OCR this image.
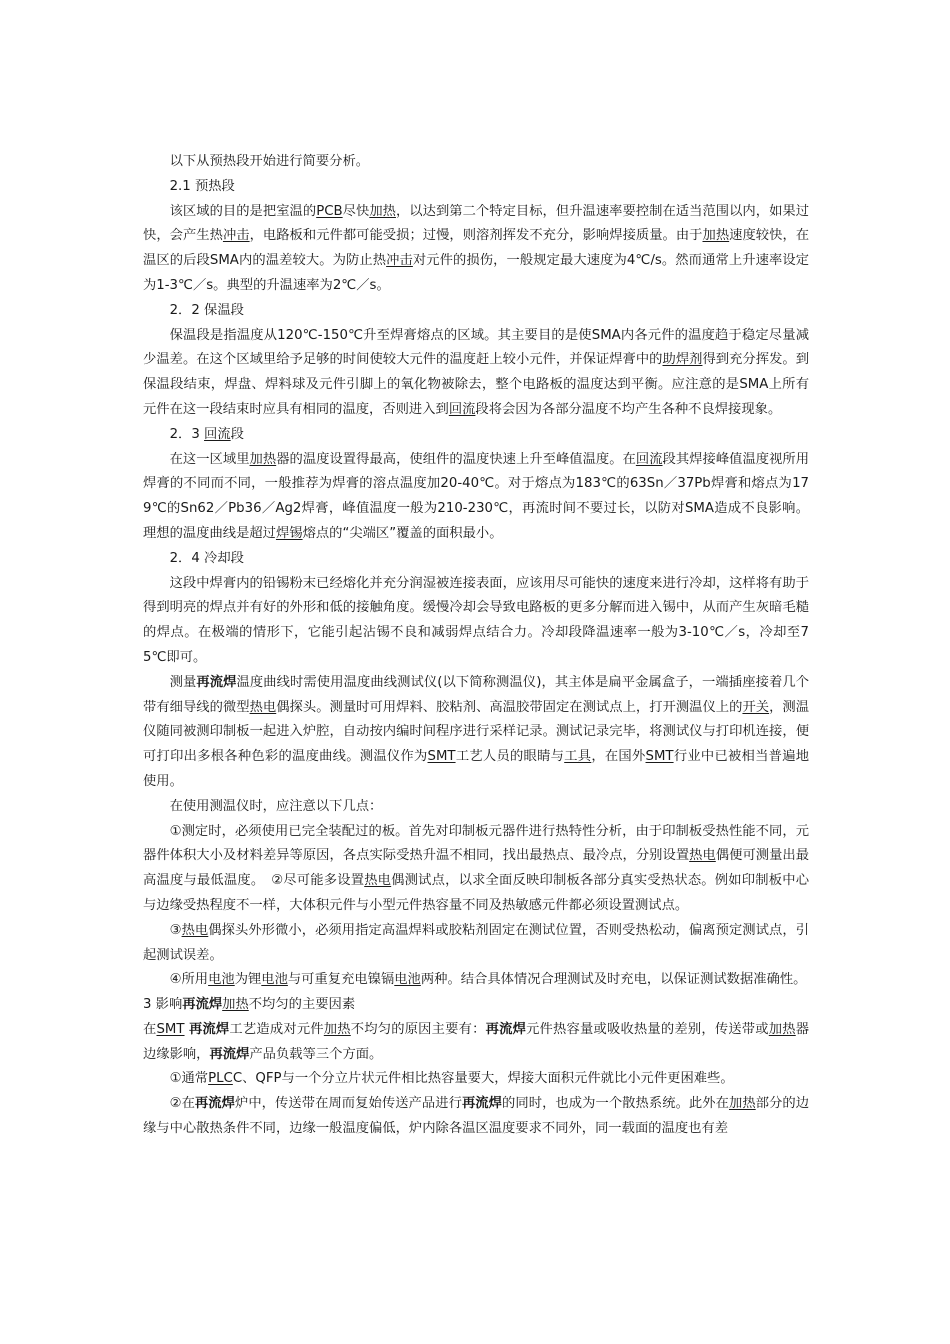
以下从预热段开始进行简要分析。

2.1 预热段

该区域的目的是把室温的PCB尽快加热，以达到第二个特定目标，但升温速率要控制在适当范围以内，如果过快，会产生热冲击，电路板和元件都可能受损；过慢，则溶剂挥发不充分，影响焊接质量。由于加热速度较快，在温区的后段SMA内的温差较大。为防止热冲击对元件的损伤，一般规定最大速度为4℃/s。然而通常上升速率设定为1-3℃／s。典型的升温速率为2℃／s。

2．2 保温段

保温段是指温度从120℃-150℃升至焊膏熔点的区域。其主要目的是使SMA内各元件的温度趋于稳定尽量减少温差。在这个区域里给予足够的时间使较大元件的温度赶上较小元件，并保证焊膏中的助焊剂得到充分挥发。到保温段结束，焊盘、焊料球及元件引脚上的氧化物被除去，整个电路板的温度达到平衡。应注意的是SMA上所有元件在这一段结束时应具有相同的温度，否则进入到回流段将会因为各部分温度不均产生各种不良焊接现象。

2．3 回流段

在这一区域里加热器的温度设置得最高，使组件的温度快速上升至峰值温度。在回流段其焊接峰值温度视所用焊膏的不同而不同，一般推荐为焊膏的溶点温度加20-40℃。对于熔点为183℃的63Sn／37Pb焊膏和熔点为179℃的Sn62／Pb36／Ag2焊膏，峰值温度一般为210-230℃，再流时间不要过长，以防对SMA造成不良影响。理想的温度曲线是超过焊锡熔点的“尖端区”覆盖的面积最小。

2．4 冷却段

这段中焊膏内的铅锡粉末已经熔化并充分润湿被连接表面，应该用尽可能快的速度来进行冷却，这样将有助于得到明亮的焊点并有好的外形和低的接触角度。缓慢冷却会导致电路板的更多分解而进入锡中，从而产生灰暗毛糙的焊点。在极端的情形下，它能引起沾锡不良和减弱焊点结合力。冷却段降温速率一般为3-10℃／s，冷却至75℃即可。

测量再流焊温度曲线时需使用温度曲线测试仪(以下简称测温仪)，其主体是扁平金属盒子，一端插座接着几个带有细导线的微型热电偶探头。测量时可用焊料、胶粘剂、高温胶带固定在测试点上，打开测温仪上的开关，测温仪随同被测印制板一起进入炉腔，自动按内编时间程序进行采样记录。测试记录完毕，将测试仪与打印机连接，便可打印出多根各种色彩的温度曲线。测温仪作为SMT工艺人员的眼睛与工具，在国外SMT行业中已被相当普遍地使用。

在使用测温仪时，应注意以下几点：

①测定时，必须使用已完全装配过的板。首先对印制板元器件进行热特性分析，由于印制板受热性能不同，元器件体积大小及材料差异等原因，各点实际受热升温不相同，找出最热点、最冷点，分别设置热电偶便可测量出最高温度与最低温度。　②尽可能多设置热电偶测试点，以求全面反映印制板各部分真实受热状态。例如印制板中心与边缘受热程度不一样，大体积元件与小型元件热容量不同及热敏感元件都必须设置测试点。

③热电偶探头外形微小，必须用指定高温焊料或胶粘剂固定在测试位置，否则受热松动，偏离预定测试点，引起测试误差。

④所用电池为锂电池与可重复充电镍镉电池两种。结合具体情况合理测试及时充电，以保证测试数据准确性。

3 影响再流焊加热不均匀的主要因素

在SMT 再流焊工艺造成对元件加热不均匀的原因主要有：再流焊元件热容量或吸收热量的差别，传送带或加热器边缘影响，再流焊产品负载等三个方面。

①通常PLCC、QFP与一个分立片状元件相比热容量要大，焊接大面积元件就比小元件更困难些。

②在再流焊炉中，传送带在周而复始传送产品进行再流焊的同时，也成为一个散热系统。此外在加热部分的边缘与中心散热条件不同，边缘一般温度偏低，炉内除各温区温度要求不同外，同一载面的温度也有差
